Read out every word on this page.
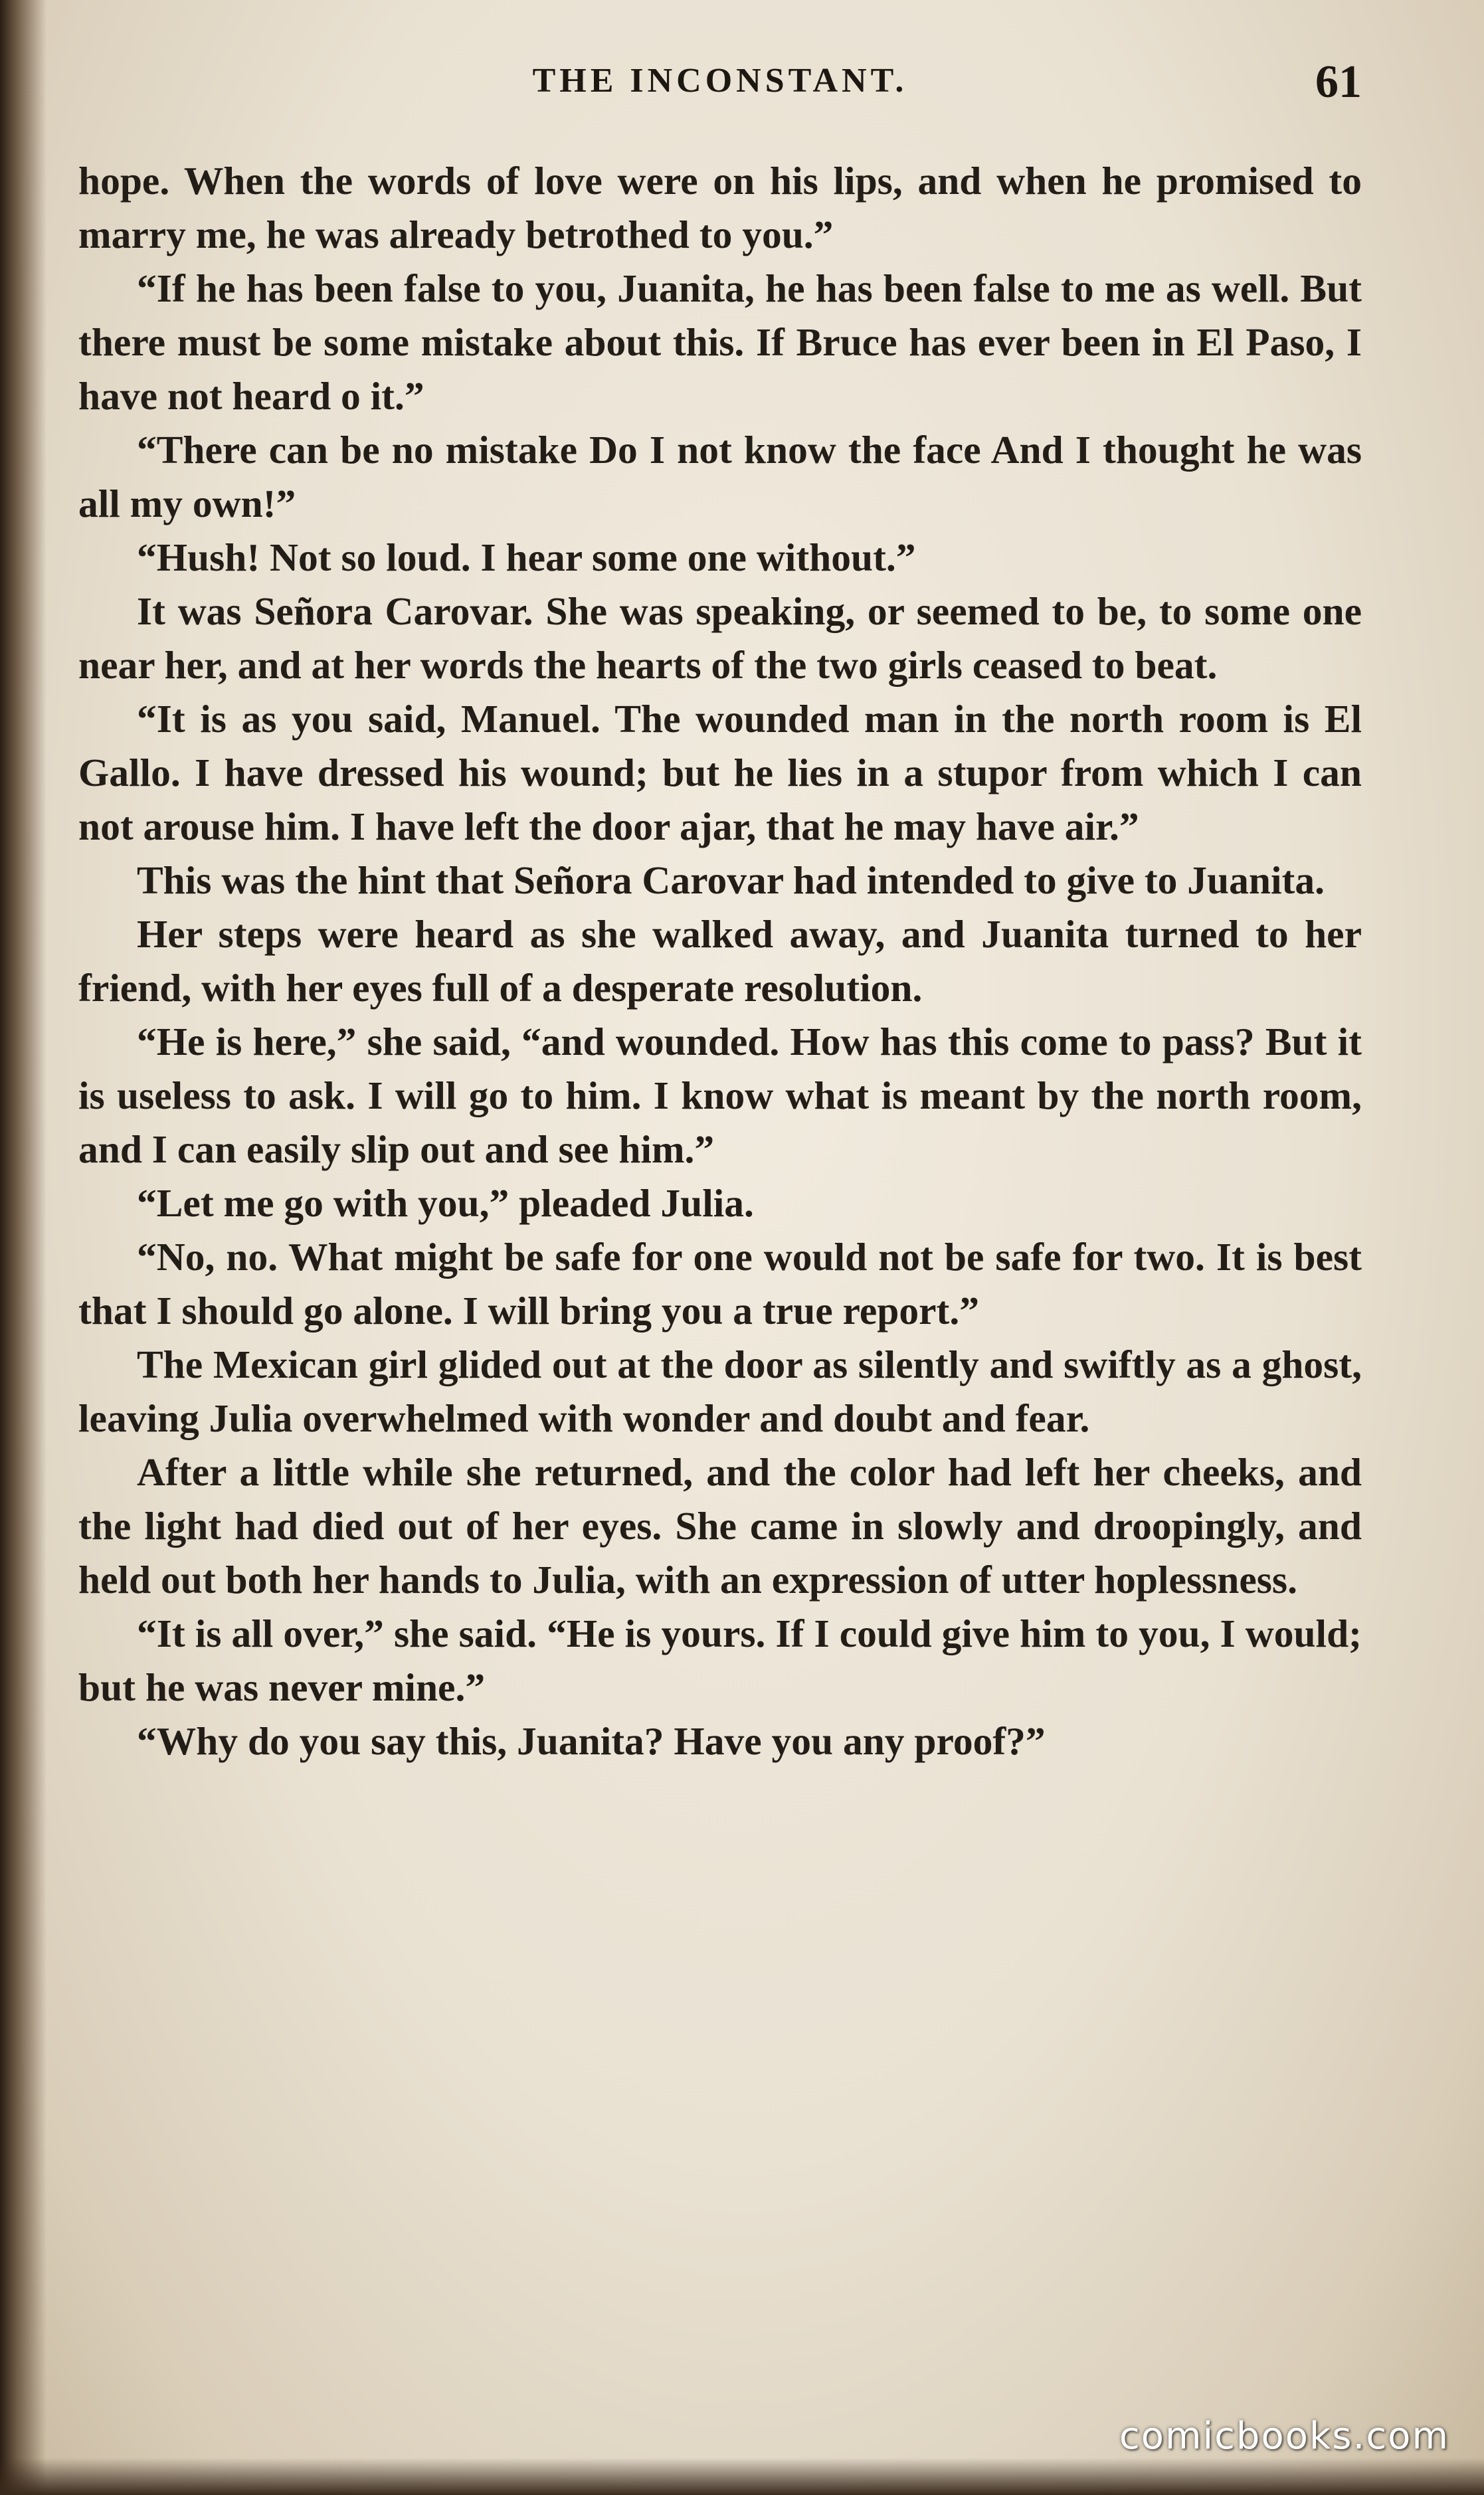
THE INCONSTANT.	61

hope. When the words of love were on his lips, and when he promised to marry me, he was already betrothed to you.”

“If he has been false to you, Juanita, he has been false to me as well. But there must be some mistake about this. If Bruce has ever been in El Paso, I have not heard o it.”

“There can be no mistake Do I not know the face And I thought he was all my own!”

“Hush! Not so loud. I hear some one without.”

It was Señora Carovar. She was speaking, or seemed to be, to some one near her, and at her words the hearts of the two girls ceased to beat.

“It is as you said, Manuel. The wounded man in the north room is El Gallo. I have dressed his wound; but he lies in a stupor from which I can not arouse him. I have left the door ajar, that he may have air.”

This was the hint that Señora Carovar had intended to give to Juanita.

Her steps were heard as she walked away, and Juanita turned to her friend, with her eyes full of a desperate resolution.

“He is here,” she said, “and wounded. How has this come to pass? But it is useless to ask. I will go to him. I know what is meant by the north room, and I can easily slip out and see him.”

“Let me go with you,” pleaded Julia.

“No, no. What might be safe for one would not be safe for two. It is best that I should go alone. I will bring you a true report.”

The Mexican girl glided out at the door as silently and swiftly as a ghost, leaving Julia overwhelmed with wonder and doubt and fear.

After a little while she returned, and the color had left her cheeks, and the light had died out of her eyes. She came in slowly and droopingly, and held out both her hands to Julia, with an expression of utter hoplessness.

“It is all over,” she said. “He is yours. If I could give him to you, I would; but he was never mine.”

“Why do you say this, Juanita? Have you any proof?”

comicbooks.com
